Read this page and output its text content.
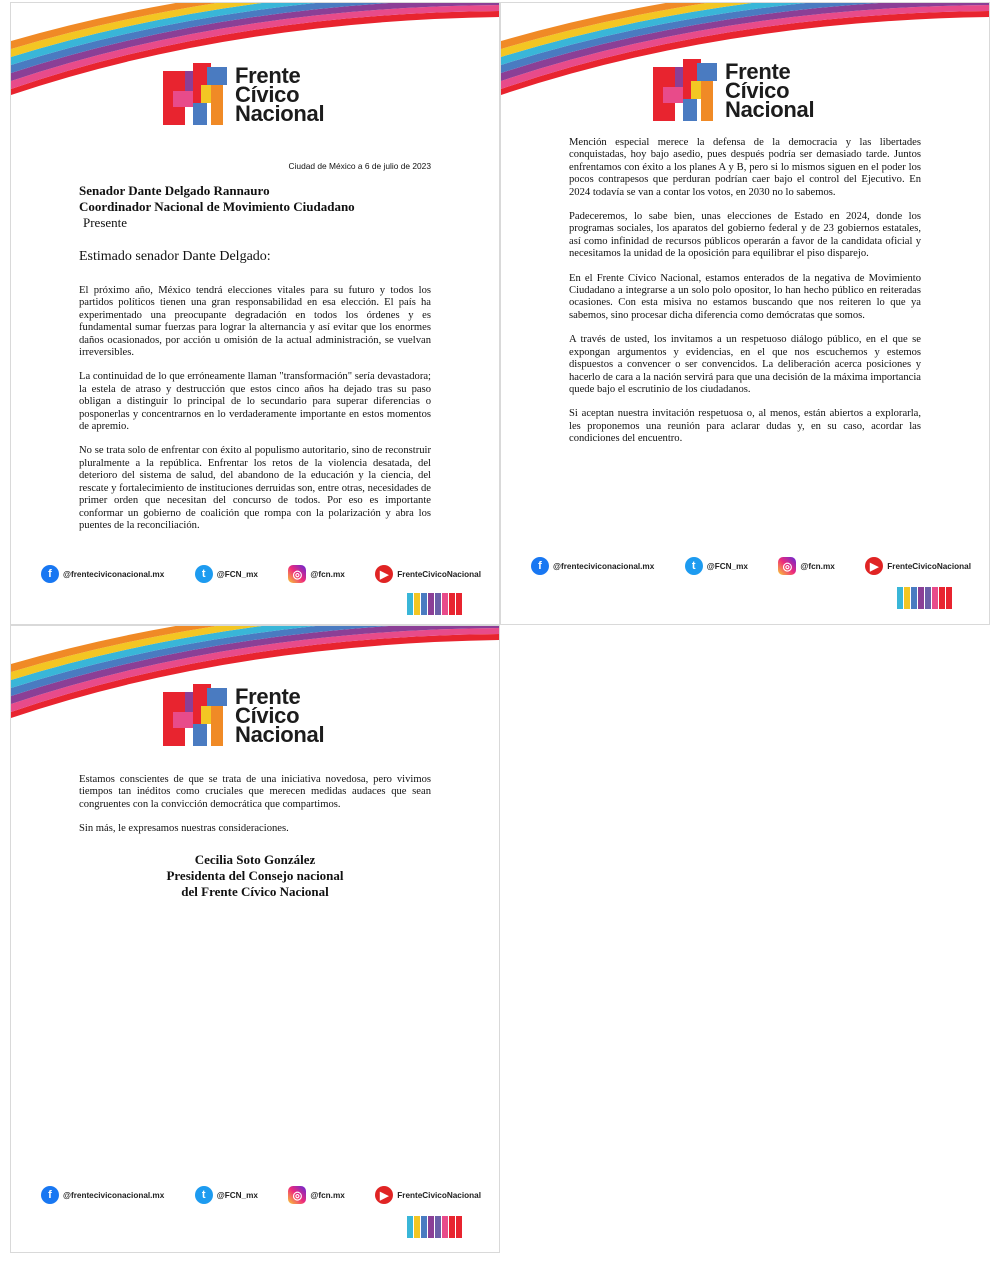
Frente
Cívico
Nacional
Ciudad de México a 6 de julio de 2023
Senador Dante Delgado Rannauro
Coordinador Nacional de Movimiento Ciudadano
Presente
Estimado senador Dante Delgado:

El próximo año, México tendrá elecciones vitales para su futuro y todos los partidos políticos tienen una gran responsabilidad en esa elección. El país ha experimentado una preocupante degradación en todos los órdenes y es fundamental sumar fuerzas para lograr la alternancia y así evitar que los enormes daños ocasionados, por acción u omisión de la actual administración, se vuelvan irreversibles.

La continuidad de lo que erróneamente llaman "transformación" sería devastadora; la estela de atraso y destrucción que estos cinco años ha dejado tras su paso obligan a distinguir lo principal de lo secundario para superar diferencias o posponerlas y concentrarnos en lo verdaderamente importante en estos momentos de apremio.

No se trata solo de enfrentar con éxito al populismo autoritario, sino de reconstruir pluralmente a la república. Enfrentar los retos de la violencia desatada, del deterioro del sistema de salud, del abandono de la educación y la ciencia, del rescate y fortalecimiento de instituciones derruidas son, entre otras, necesidades de primer orden que necesitan del concurso de todos. Por eso es importante conformar un gobierno de coalición que rompa con la polarización y abra los puentes de la reconciliación.

f	@frenteciviconacional.mx	t	@FCN_mx	◎	@fcn.mx	▶	FrenteCivicoNacional
Frente
Cívico
Nacional

Mención especial merece la defensa de la democracia y las libertades conquistadas, hoy bajo asedio, pues después podría ser demasiado tarde. Juntos enfrentamos con éxito a los planes A y B, pero si lo mismos siguen en el poder los pocos contrapesos que perduran podrían caer bajo el control del Ejecutivo. En 2024 todavía se van a contar los votos, en 2030 no lo sabemos.

Padeceremos, lo sabe bien, unas elecciones de Estado en 2024, donde los programas sociales, los aparatos del gobierno federal y de 23 gobiernos estatales, así como infinidad de recursos públicos operarán a favor de la candidata oficial y necesitamos la unidad de la oposición para equilibrar el piso disparejo.

En el Frente Cívico Nacional, estamos enterados de la negativa de Movimiento Ciudadano a integrarse a un solo polo opositor, lo han hecho público en reiteradas ocasiones. Con esta misiva no estamos buscando que nos reiteren lo que ya sabemos, sino procesar dicha diferencia como demócratas que somos.

A través de usted, los invitamos a un respetuoso diálogo público, en el que se expongan argumentos y evidencias, en el que nos escuchemos y estemos dispuestos a convencer o ser convencidos. La deliberación acerca posiciones y hacerlo de cara a la nación servirá para que una decisión de la máxima importancia quede bajo el escrutinio de los ciudadanos.

Si aceptan nuestra invitación respetuosa o, al menos, están abiertos a explorarla, les proponemos una reunión para aclarar dudas y, en su caso, acordar las condiciones del encuentro.

f	@frenteciviconacional.mx	t	@FCN_mx	◎	@fcn.mx	▶	FrenteCivicoNacional
Frente
Cívico
Nacional

Estamos conscientes de que se trata de una iniciativa novedosa, pero vivimos tiempos tan inéditos como cruciales que merecen medidas audaces que sean congruentes con la convicción democrática que compartimos.

Sin más, le expresamos nuestras consideraciones.

Cecilia Soto González
Presidenta del Consejo nacional
del Frente Cívico Nacional
f	@frenteciviconacional.mx	t	@FCN_mx	◎	@fcn.mx	▶	FrenteCivicoNacional
